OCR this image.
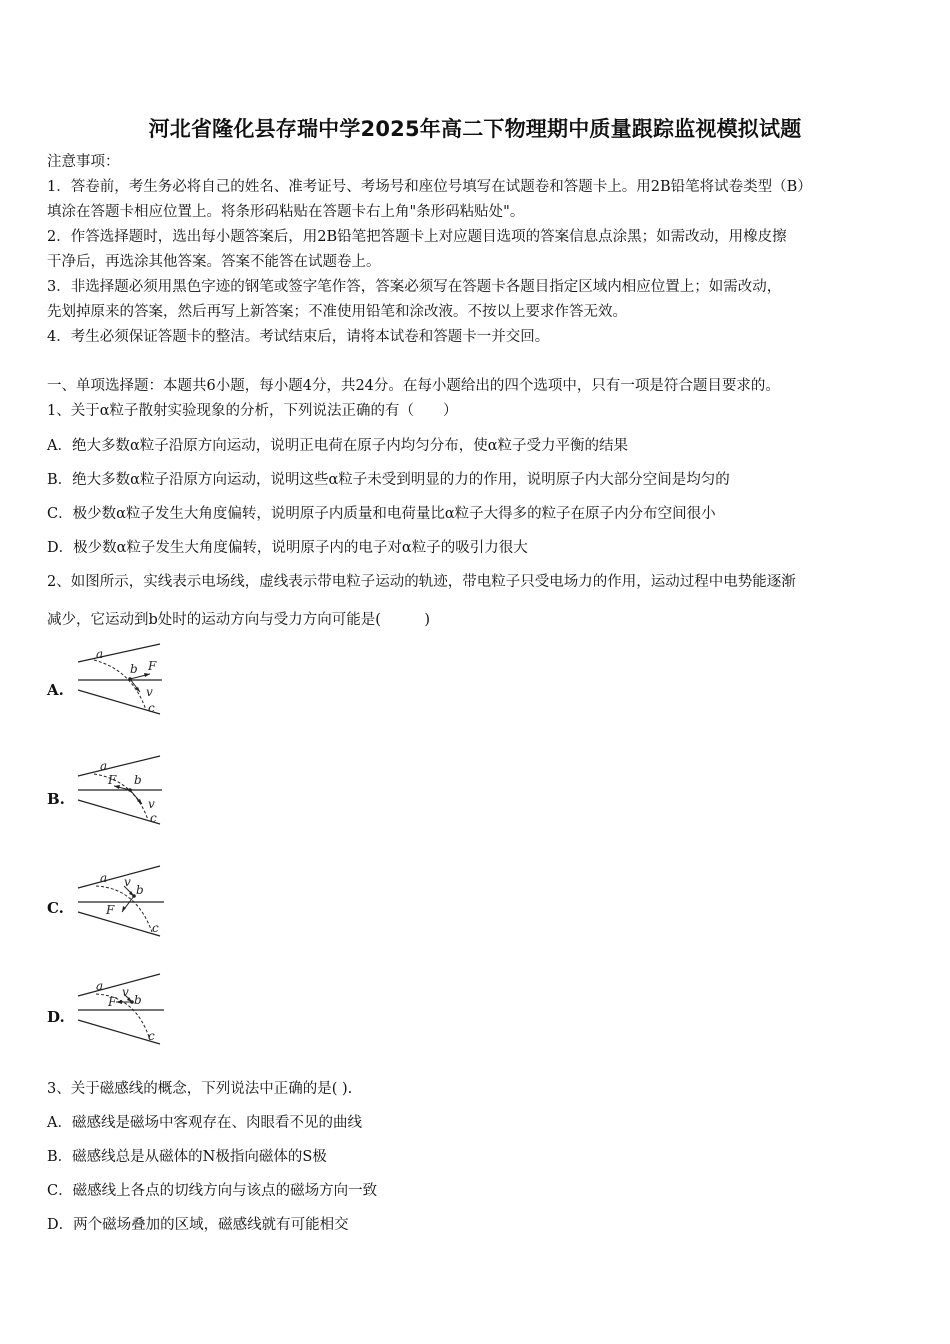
河北省隆化县存瑞中学2025年高二下物理期中质量跟踪监视模拟试题
注意事项：
1．答卷前，考生务必将自己的姓名、准考证号、考场号和座位号填写在试题卷和答题卡上。用2B铅笔将试卷类型（B）
填涂在答题卡相应位置上。将条形码粘贴在答题卡右上角"条形码粘贴处"。
2．作答选择题时，选出每小题答案后，用2B铅笔把答题卡上对应题目选项的答案信息点涂黑；如需改动，用橡皮擦
干净后，再选涂其他答案。答案不能答在试题卷上。
3．非选择题必须用黑色字迹的钢笔或签字笔作答，答案必须写在答题卡各题目指定区域内相应位置上；如需改动，
先划掉原来的答案，然后再写上新答案；不准使用铅笔和涂改液。不按以上要求作答无效。
4．考生必须保证答题卡的整洁。考试结束后，请将本试卷和答题卡一并交回。
一、单项选择题：本题共6小题，每小题4分，共24分。在每小题给出的四个选项中，只有一项是符合题目要求的。
1、关于α粒子散射实验现象的分析，下列说法正确的有（　　）
A．绝大多数α粒子沿原方向运动，说明正电荷在原子内均匀分布，使α粒子受力平衡的结果
B．绝大多数α粒子沿原方向运动，说明这些α粒子未受到明显的力的作用，说明原子内大部分空间是均匀的
C．极少数α粒子发生大角度偏转，说明原子内质量和电荷量比α粒子大得多的粒子在原子内分布空间很小
D．极少数α粒子发生大角度偏转，说明原子内的电子对α粒子的吸引力很大
2、如图所示，实线表示电场线，虚线表示带电粒子运动的轨迹，带电粒子只受电场力的作用，运动过程中电势能逐渐
减少，它运动到b处时的运动方向与受力方向可能是(　　　)
A.
a
b F
v
c
B.
a
F b
v
c
C.
a v
b
F
c
D.
a v
b
F
c
3、关于磁感线的概念，下列说法中正确的是( ).
A．磁感线是磁场中客观存在、肉眼看不见的曲线
B．磁感线总是从磁体的N极指向磁体的S极
C．磁感线上各点的切线方向与该点的磁场方向一致
D．两个磁场叠加的区域，磁感线就有可能相交
